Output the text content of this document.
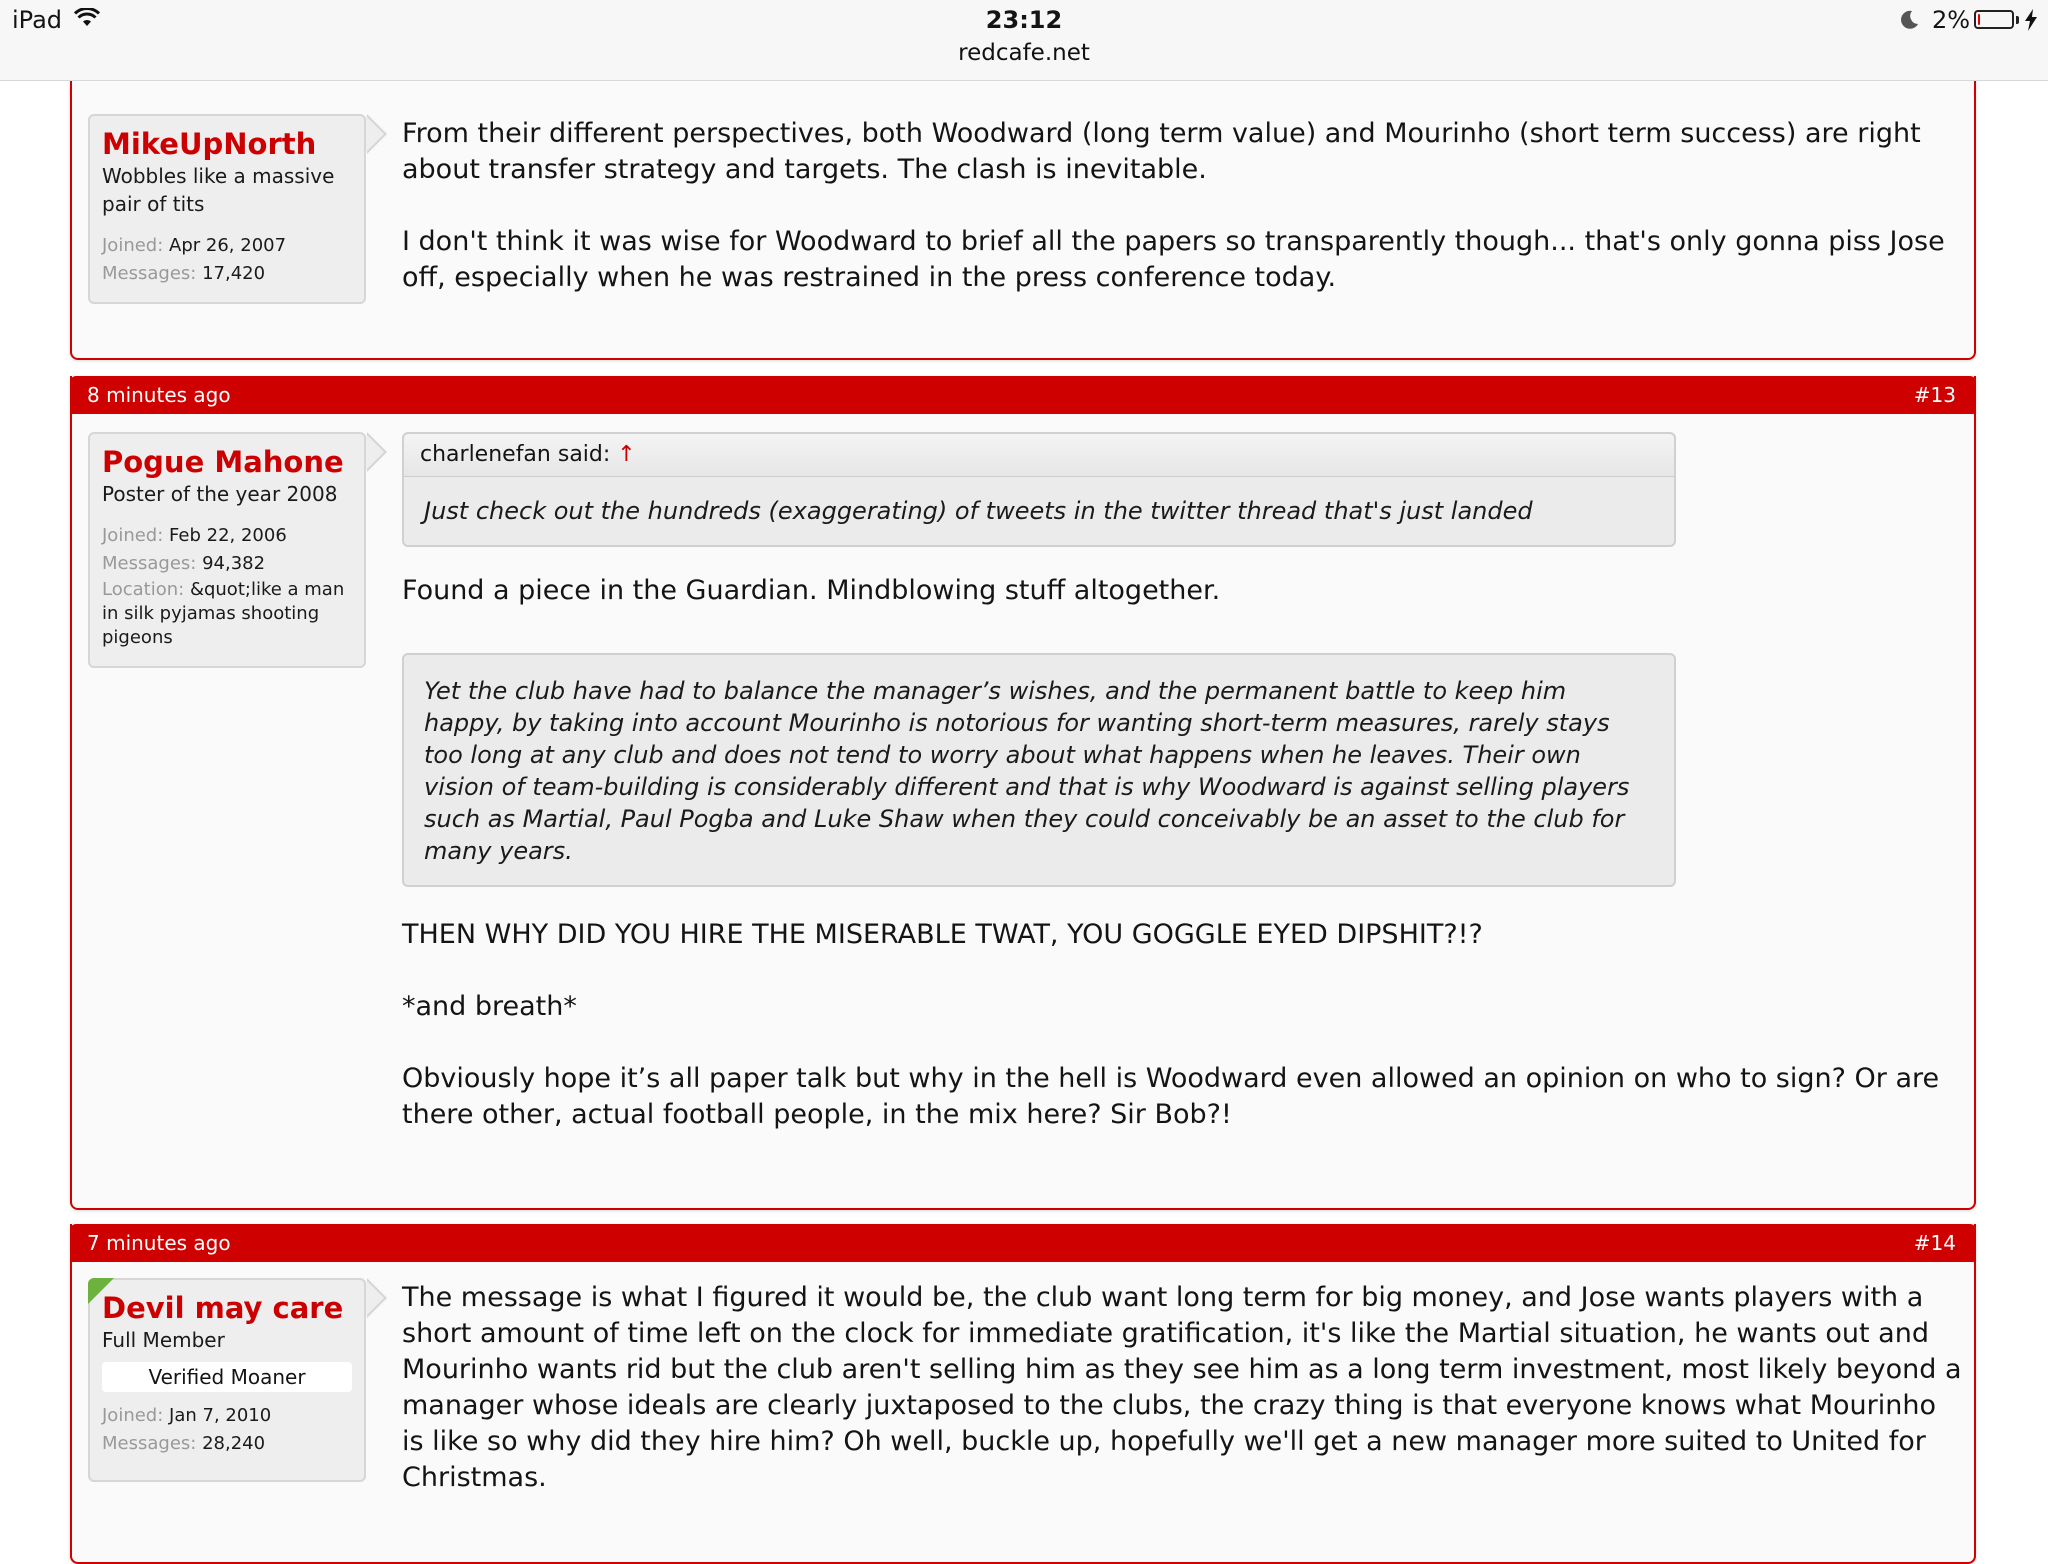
iPad	23:12
redcafe.net
2%
MikeUpNorth
Wobbles like a massive pair of tits
Joined: Apr 26, 2007
Messages: 17,420

From their different perspectives, both Woodward (long term value) and Mourinho (short term success) are right about transfer strategy and targets. The clash is inevitable.

I don't think it was wise for Woodward to brief all the papers so transparently though... that's only gonna piss Jose off, especially when he was restrained in the press conference today.

8 minutes ago	#13
Pogue Mahone
Poster of the year 2008
Joined: Feb 22, 2006
Messages: 94,382
Location: &quot;like a man in silk pyjamas shooting pigeons
charlenefan said: ↑
Just check out the hundreds (exaggerating) of tweets in the twitter thread that's just landed

Found a piece in the Guardian. Mindblowing stuff altogether.

Yet the club have had to balance the manager’s wishes, and the permanent battle to keep him happy, by taking into account Mourinho is notorious for wanting short-term measures, rarely stays too long at any club and does not tend to worry about what happens when he leaves. Their own vision of team-building is considerably different and that is why Woodward is against selling players such as Martial, Paul Pogba and Luke Shaw when they could conceivably be an asset to the club for many years.

THEN WHY DID YOU HIRE THE MISERABLE TWAT, YOU GOGGLE EYED DIPSHIT?!?

*and breath*

Obviously hope it’s all paper talk but why in the hell is Woodward even allowed an opinion on who to sign? Or are there other, actual football people, in the mix here? Sir Bob?!

7 minutes ago	#14
Devil may care
Full Member
Verified Moaner
Joined: Jan 7, 2010
Messages: 28,240

The message is what I figured it would be, the club want long term for big money, and Jose wants players with a short amount of time left on the clock for immediate gratification, it's like the Martial situation, he wants out and Mourinho wants rid but the club aren't selling him as they see him as a long term investment, most likely beyond a manager whose ideals are clearly juxtaposed to the clubs, the crazy thing is that everyone knows what Mourinho is like so why did they hire him? Oh well, buckle up, hopefully we'll get a new manager more suited to United for Christmas.
